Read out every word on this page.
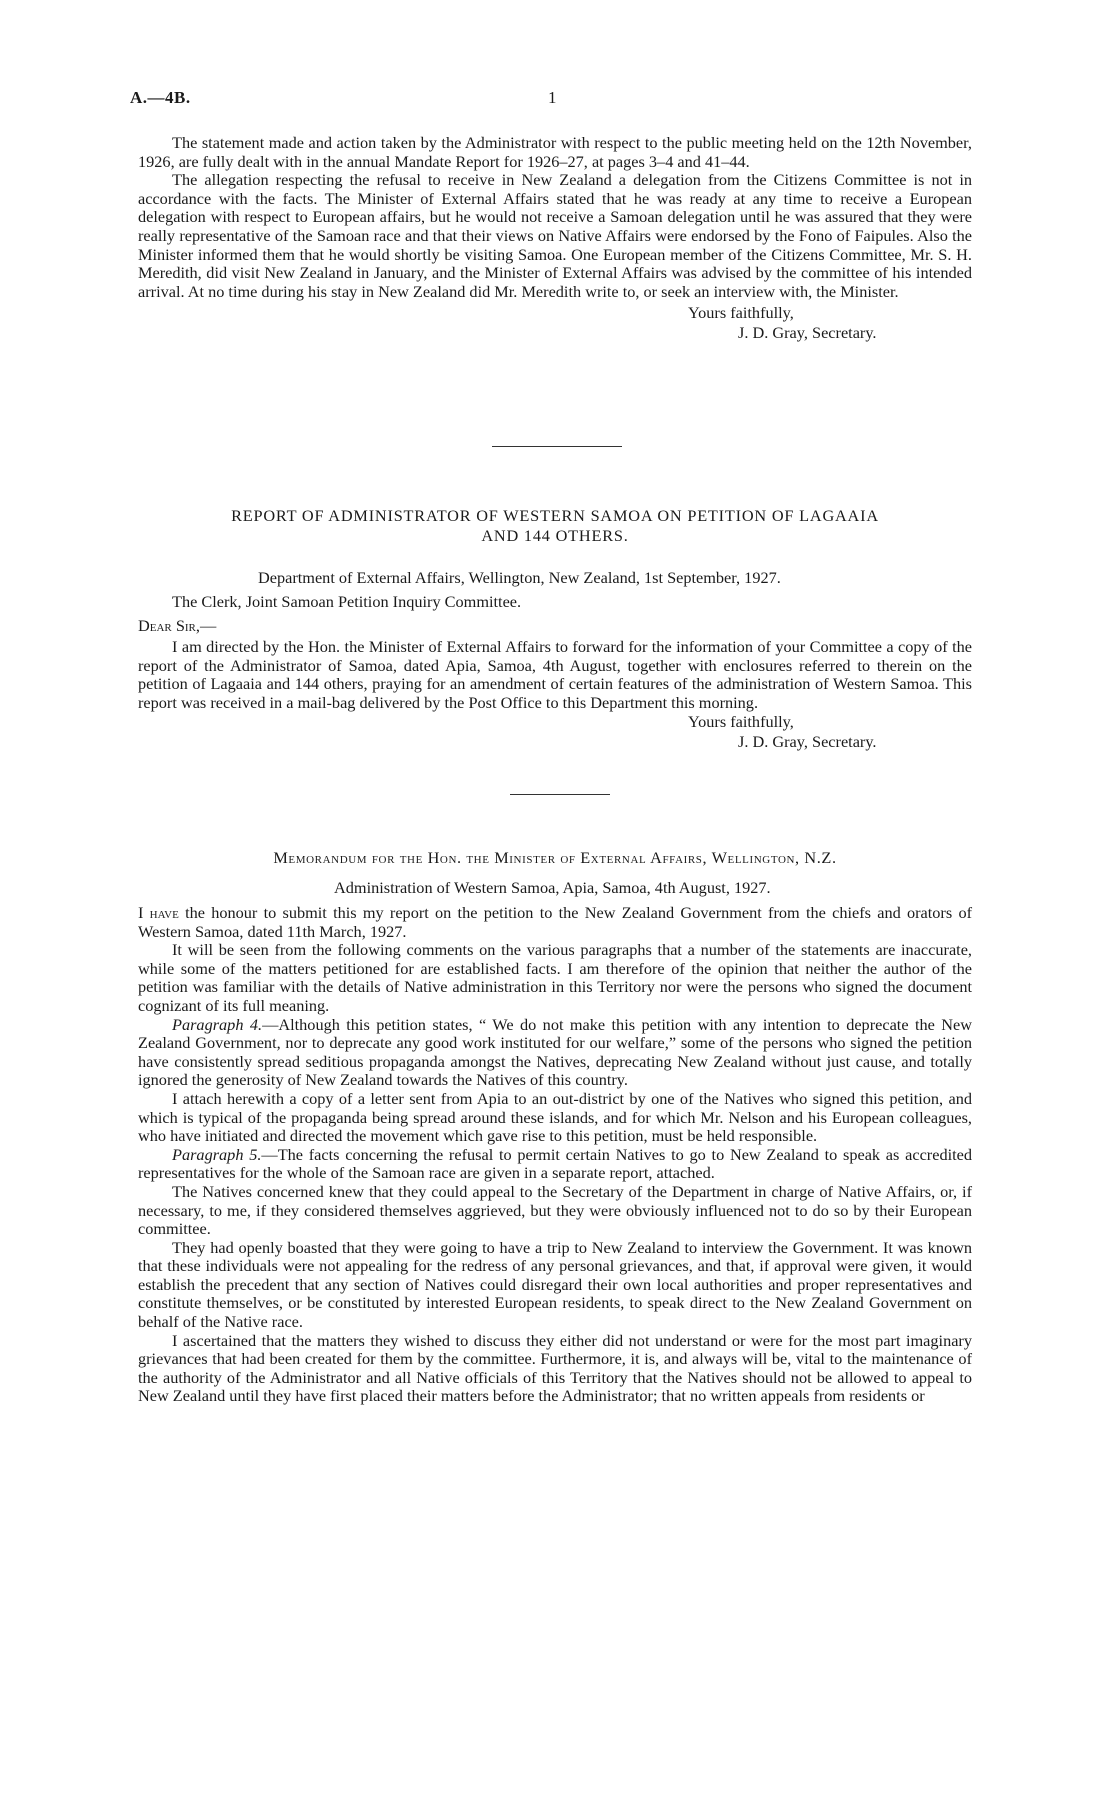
A.—4B.	1

The statement made and action taken by the Administrator with respect to the public meeting held on the 12th November, 1926, are fully dealt with in the annual Mandate Report for 1926–27, at pages 3–4 and 41–44.

The allegation respecting the refusal to receive in New Zealand a delegation from the Citizens Committee is not in accordance with the facts. The Minister of External Affairs stated that he was ready at any time to receive a European delegation with respect to European affairs, but he would not receive a Samoan delegation until he was assured that they were really representative of the Samoan race and that their views on Native Affairs were endorsed by the Fono of Faipules. Also the Minister informed them that he would shortly be visiting Samoa. One European member of the Citizens Committee, Mr. S. H. Meredith, did visit New Zealand in January, and the Minister of External Affairs was advised by the committee of his intended arrival. At no time during his stay in New Zealand did Mr. Meredith write to, or seek an interview with, the Minister.

Yours faithfully,
J. D. Gray, Secretary.
REPORT OF ADMINISTRATOR OF WESTERN SAMOA ON PETITION OF LAGAAIA
AND 144 OTHERS.
Department of External Affairs, Wellington, New Zealand, 1st September, 1927.
The Clerk, Joint Samoan Petition Inquiry Committee.
Dear Sir,—

I am directed by the Hon. the Minister of External Affairs to forward for the information of your Committee a copy of the report of the Administrator of Samoa, dated Apia, Samoa, 4th August, together with enclosures referred to therein on the petition of Lagaaia and 144 others, praying for an amendment of certain features of the administration of Western Samoa. This report was received in a mail-bag delivered by the Post Office to this Department this morning.

Yours faithfully,
J. D. Gray, Secretary.
Memorandum for the Hon. the Minister of External Affairs, Wellington, N.Z.
Administration of Western Samoa, Apia, Samoa, 4th August, 1927.

I have the honour to submit this my report on the petition to the New Zealand Government from the chiefs and orators of Western Samoa, dated 11th March, 1927.

It will be seen from the following comments on the various paragraphs that a number of the statements are inaccurate, while some of the matters petitioned for are established facts. I am therefore of the opinion that neither the author of the petition was familiar with the details of Native administration in this Territory nor were the persons who signed the document cognizant of its full meaning.

Paragraph 4.—Although this petition states, “ We do not make this petition with any intention to deprecate the New Zealand Government, nor to deprecate any good work instituted for our welfare,” some of the persons who signed the petition have consistently spread seditious propaganda amongst the Natives, deprecating New Zealand without just cause, and totally ignored the generosity of New Zealand towards the Natives of this country.

I attach herewith a copy of a letter sent from Apia to an out-district by one of the Natives who signed this petition, and which is typical of the propaganda being spread around these islands, and for which Mr. Nelson and his European colleagues, who have initiated and directed the movement which gave rise to this petition, must be held responsible.

Paragraph 5.—The facts concerning the refusal to permit certain Natives to go to New Zealand to speak as accredited representatives for the whole of the Samoan race are given in a separate report, attached.

The Natives concerned knew that they could appeal to the Secretary of the Department in charge of Native Affairs, or, if necessary, to me, if they considered themselves aggrieved, but they were obviously influenced not to do so by their European committee.

They had openly boasted that they were going to have a trip to New Zealand to interview the Government. It was known that these individuals were not appealing for the redress of any personal grievances, and that, if approval were given, it would establish the precedent that any section of Natives could disregard their own local authorities and proper representatives and constitute themselves, or be constituted by interested European residents, to speak direct to the New Zealand Government on behalf of the Native race.

I ascertained that the matters they wished to discuss they either did not understand or were for the most part imaginary grievances that had been created for them by the committee. Furthermore, it is, and always will be, vital to the maintenance of the authority of the Administrator and all Native officials of this Territory that the Natives should not be allowed to appeal to New Zealand until they have first placed their matters before the Administrator; that no written appeals from residents or
